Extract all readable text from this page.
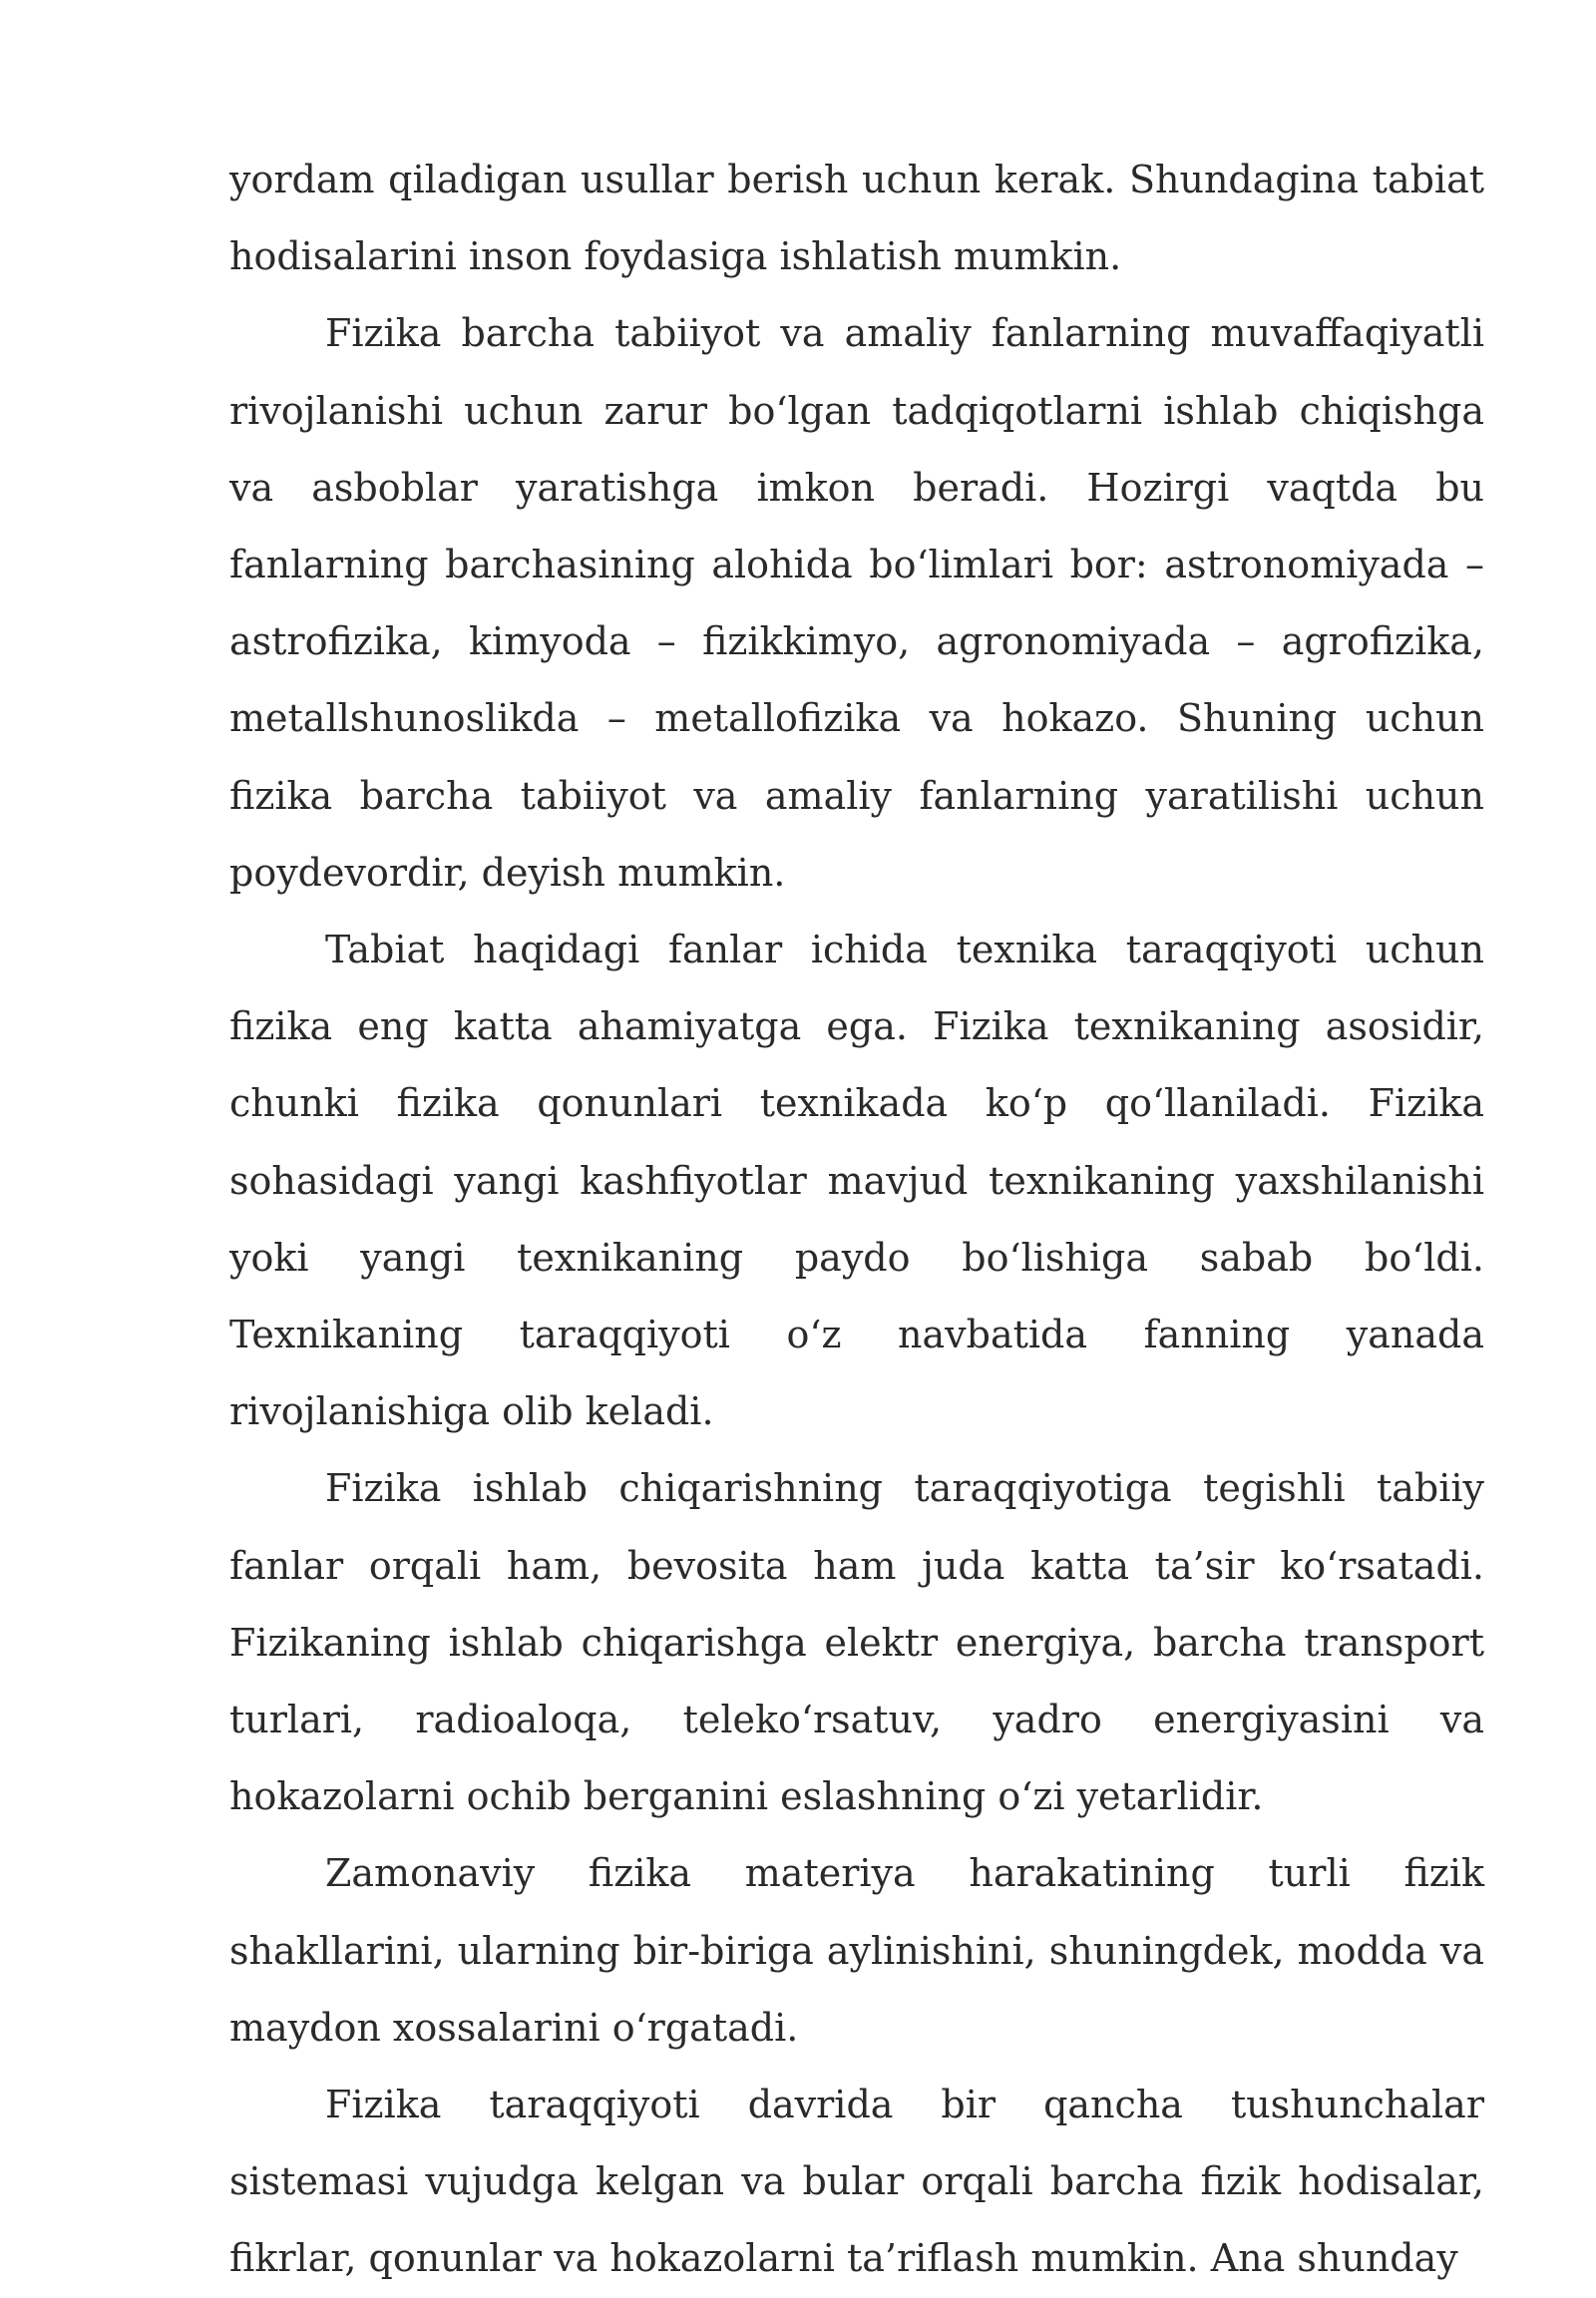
yordam qiladigan usullar berish uchun kerak. Shundagina tabiat hodisalarini inson foydasiga ishlatish mumkin.

Fizika barcha tabiiyot va amaliy fanlarning muvaffaqiyatli rivojlanishi uchun zarur bo‘lgan tadqiqotlarni ishlab chiqishga va asboblar yaratishga imkon beradi. Hozirgi vaqtda bu fanlarning barchasining alohida bo‘limlari bor: astronomiyada – astrofizika, kimyoda – fizikkimyo, agronomiyada – agrofizika, metallshunoslikda – metallofizika va hokazo. Shuning uchun fizika barcha tabiiyot va amaliy fanlarning yaratilishi uchun poydevordir, deyish mumkin.

Tabiat haqidagi fanlar ichida texnika taraqqiyoti uchun fizika eng katta ahamiyatga ega. Fizika texnikaning asosidir, chunki fizika qonunlari texnikada ko‘p qo‘llaniladi. Fizika sohasidagi yangi kashfiyotlar mavjud texnikaning yaxshilanishi yoki yangi texnikaning paydo bo‘lishiga sabab bo‘ldi. Texnikaning taraqqiyoti o‘z navbatida fanning yanada rivojlanishiga olib keladi.

Fizika ishlab chiqarishning taraqqiyotiga tegishli tabiiy fanlar orqali ham, bevosita ham juda katta ta’sir ko‘rsatadi. Fizikaning ishlab chiqarishga elektr energiya, barcha transport turlari, radioaloqa, teleko‘rsatuv, yadro energiyasini va hokazolarni ochib berganini eslashning o‘zi yetarlidir.

Zamonaviy fizika materiya harakatining turli fizik shakllarini, ularning bir-biriga aylinishini, shuningdek, modda va maydon xossalarini o‘rgatadi.

Fizika taraqqiyoti davrida bir qancha tushunchalar sistemasi vujudga kelgan va bular orqali barcha fizik hodisalar, fikrlar, qonunlar va hokazolarni ta’riflash mumkin. Ana shunday
